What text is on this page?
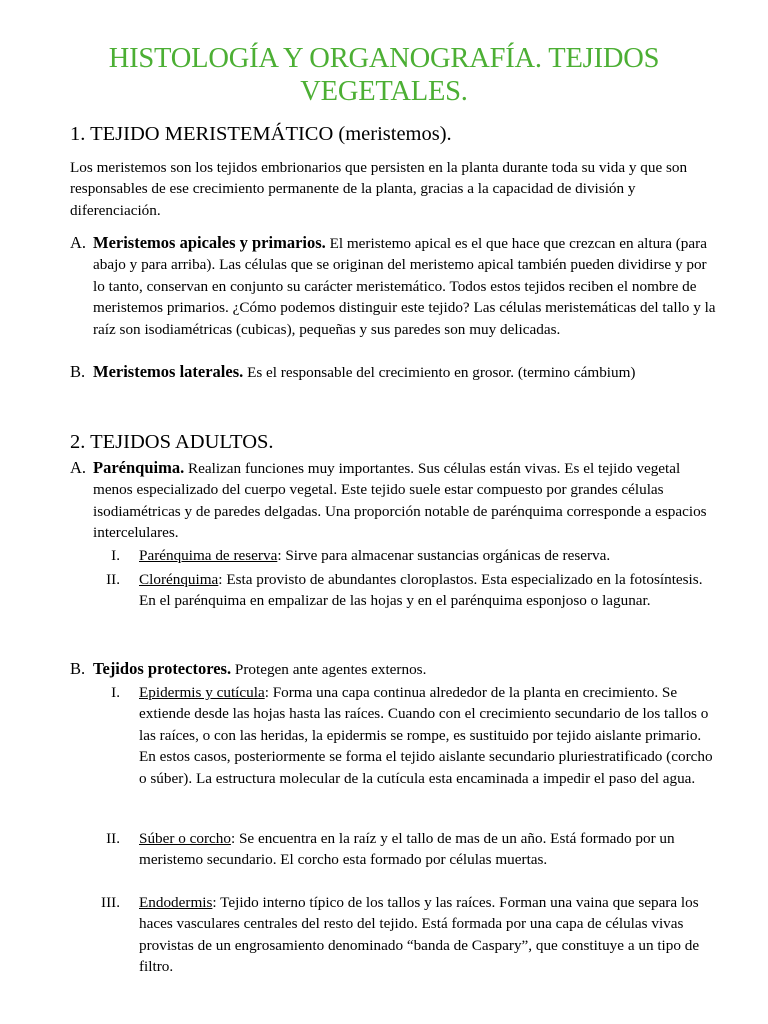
HISTOLOGÍA Y ORGANOGRAFÍA. TEJIDOS VEGETALES.
1. TEJIDO MERISTEMÁTICO (meristemos).

Los meristemos son los tejidos embrionarios que persisten en la planta durante toda su vida y que son responsables de ese crecimiento permanente de la planta, gracias a la capacidad de división y diferenciación.

A. Meristemos apicales y primarios. El meristemo apical es el que hace que crezcan en altura (para abajo y para arriba). Las células que se originan del meristemo apical también pueden dividirse y por lo tanto, conservan en conjunto su carácter meristemático. Todos estos tejidos reciben el nombre de meristemos primarios. ¿Cómo podemos distinguir este tejido? Las células meristemáticas del tallo y la raíz son isodiamétricas (cubicas), pequeñas y sus paredes son muy delicadas.
B. Meristemos laterales. Es el responsable del crecimiento en grosor. (termino cámbium)
2. TEJIDOS ADULTOS.
A. Parénquima. Realizan funciones muy importantes. Sus células están vivas. Es el tejido vegetal menos especializado del cuerpo vegetal. Este tejido suele estar compuesto por grandes células isodiamétricas y de paredes delgadas. Una proporción notable de parénquima corresponde a espacios intercelulares.
I. Parénquima de reserva: Sirve para almacenar sustancias orgánicas de reserva.
II. Clorénquima: Esta provisto de abundantes cloroplastos. Esta especializado en la fotosíntesis. En el parénquima en empalizar de las hojas y en el parénquima esponjoso o lagunar.
B. Tejidos protectores. Protegen ante agentes externos.
I. Epidermis y cutícula: Forma una capa continua alrededor de la planta en crecimiento. Se extiende desde las hojas hasta las raíces. Cuando con el crecimiento secundario de los tallos o las raíces, o con las heridas, la epidermis se rompe, es sustituido por tejido aislante primario. En estos casos, posteriormente se forma el tejido aislante secundario pluriestratificado (corcho o súber). La estructura molecular de la cutícula esta encaminada a impedir el paso del agua.
II. Súber o corcho: Se encuentra en la raíz y el tallo de mas de un año. Está formado por un meristemo secundario. El corcho esta formado por células muertas.
III. Endodermis: Tejido interno típico de los tallos y las raíces. Forman una vaina que separa los haces vasculares centrales del resto del tejido. Está formada por una capa de células vivas provistas de un engrosamiento denominado “banda de Caspary”, que constituye a un tipo de filtro.
